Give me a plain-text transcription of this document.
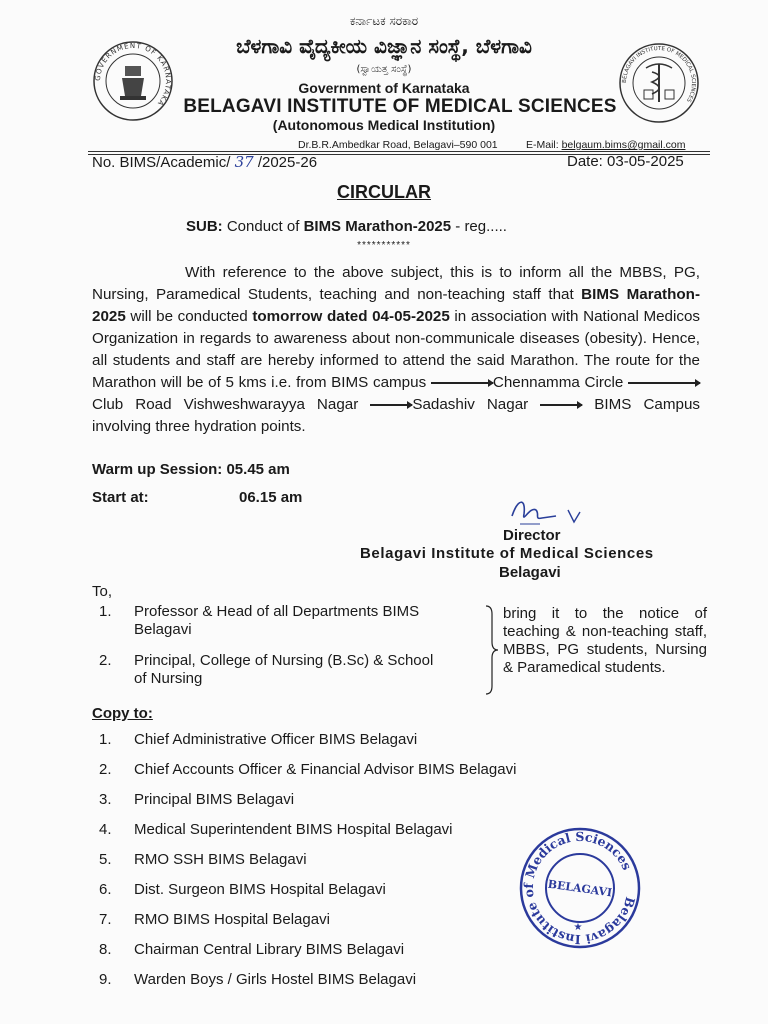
GOVERNMENT OF KARNATAKA
BELAGAVI INSTITUTE OF MEDICAL SCIENCES
ಕರ್ನಾಟಕ ಸರಕಾರ
ಬೆಳಗಾವಿ ವೈದ್ಯಕೀಯ ವಿಜ್ಞಾನ ಸಂಸ್ಥೆ, ಬೆಳಗಾವಿ
(ಸ್ವಾಯತ್ತ ಸಂಸ್ಥೆ)
Government of Karnataka
BELAGAVI INSTITUTE OF MEDICAL SCIENCES
(Autonomous Medical Institution)
Dr.B.R.Ambedkar Road, Belagavi–590 001	E-Mail: belgaum.bims@gmail.com
No. BIMS/Academic/ 37 /2025-26	Date: 03-05-2025
CIRCULAR
SUB: Conduct of BIMS Marathon-2025 - reg.....
***********

With reference to the above subject, this is to inform all the MBBS, PG, Nursing, Paramedical Students, teaching and non-teaching staff that BIMS Marathon-2025 will be conducted tomorrow dated 04-05-2025 in association with National Medicos Organization in regards to awareness about non-communicale diseases (obesity). Hence, all students and staff are hereby informed to attend the said Marathon. The route for the Marathon will be of 5 kms i.e. from BIMS campus	Chennamma Circle  Club Road Vishweshwarayya Nagar	Sadashiv Nagar	BIMS Campus involving three hydration points.

Warm up Session: 05.45 am
Start at:	06.15 am
Director
Belagavi Institute of Medical Sciences
Belagavi
To,
1. Professor & Head of all Departments BIMS
Belagavi
2. Principal, College of Nursing (B.Sc) & School
of Nursing
bring it to the notice of teaching & non-teaching staff, MBBS, PG students, Nursing & Paramedical students.
Copy to:
1. Chief Administrative Officer BIMS Belagavi
2. Chief Accounts Officer & Financial Advisor BIMS Belagavi
3. Principal BIMS Belagavi
4. Medical Superintendent BIMS Hospital Belagavi
5. RMO SSH BIMS Belagavi
6. Dist. Surgeon BIMS Hospital Belagavi
7. RMO BIMS Hospital Belagavi
8. Chairman Central Library BIMS Belagavi
9. Warden Boys / Girls Hostel BIMS Belagavi
Belagavi Institute of Medical Sciences
BELAGAVI
★
